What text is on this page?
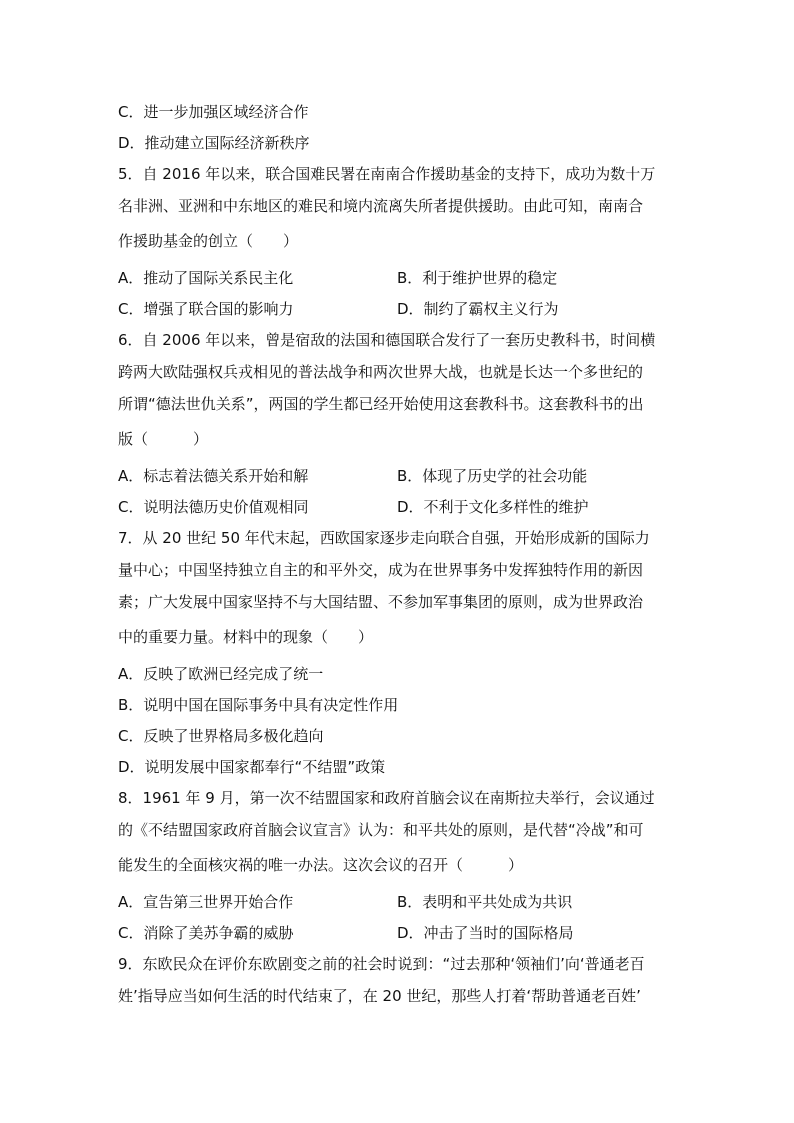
C．进一步加强区域经济合作
D．推动建立国际经济新秩序
5．自 2016 年以来，联合国难民署在南南合作援助基金的支持下，成功为数十万
名非洲、亚洲和中东地区的难民和境内流离失所者提供援助。由此可知，南南合
作援助基金的创立（　　）
A．推动了国际关系民主化	B．利于维护世界的稳定
C．增强了联合国的影响力	D．制约了霸权主义行为
6．自 2006 年以来，曾是宿敌的法国和德国联合发行了一套历史教科书，时间横
跨两大欧陆强权兵戎相见的普法战争和两次世界大战，也就是长达一个多世纪的
所谓“德法世仇关系”，两国的学生都已经开始使用这套教科书。这套教科书的出
版（　　　）
A．标志着法德关系开始和解	B．体现了历史学的社会功能
C．说明法德历史价值观相同	D．不利于文化多样性的维护
7．从 20 世纪 50 年代末起，西欧国家逐步走向联合自强，开始形成新的国际力
量中心；中国坚持独立自主的和平外交，成为在世界事务中发挥独特作用的新因
素；广大发展中国家坚持不与大国结盟、不参加军事集团的原则，成为世界政治
中的重要力量。材料中的现象（　　）
A．反映了欧洲已经完成了统一
B．说明中国在国际事务中具有决定性作用
C．反映了世界格局多极化趋向
D．说明发展中国家都奉行“不结盟”政策
8．1961 年 9 月，第一次不结盟国家和政府首脑会议在南斯拉夫举行，会议通过
的《不结盟国家政府首脑会议宣言》认为：和平共处的原则，是代替“冷战”和可
能发生的全面核灾祸的唯一办法。这次会议的召开（　　　）
A．宣告第三世界开始合作	B．表明和平共处成为共识
C．消除了美苏争霸的威胁	D．冲击了当时的国际格局
9．东欧民众在评价东欧剧变之前的社会时说到：“过去那种‘领袖们’向‘普通老百
姓’指导应当如何生活的时代结束了，在 20 世纪，那些人打着‘帮助普通老百姓’
